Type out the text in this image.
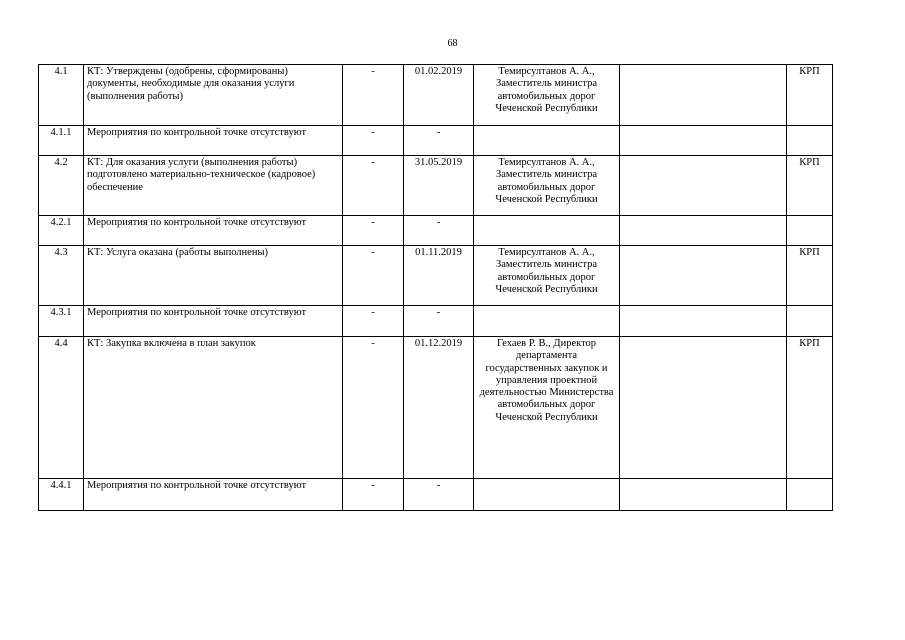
68
4.1	КТ: Утверждены (одобрены, сформированы) документы, необходимые для оказания услуги (выполнения работы)	-	01.02.2019	Темирсултанов А. А., Заместитель министра автомобильных дорог Чеченской Республики		КРП
4.1.1	Мероприятия по контрольной точке отсутствуют	-	-			
4.2	КТ: Для оказания услуги (выполнения работы) подготовлено материально-техническое (кадровое) обеспечение	-	31.05.2019	Темирсултанов А. А., Заместитель министра автомобильных дорог Чеченской Республики		КРП
4.2.1	Мероприятия по контрольной точке отсутствуют	-	-			
4.3	КТ: Услуга оказана (работы выполнены)	-	01.11.2019	Темирсултанов А. А., Заместитель министра автомобильных дорог Чеченской Республики		КРП
4.3.1	Мероприятия по контрольной точке отсутствуют	-	-			
4.4	КТ: Закупка включена в план закупок	-	01.12.2019	Гехаев Р. В., Директор департамента государственных закупок и управления проектной деятельностью Министерства автомобильных дорог Чеченской Республики		КРП
4.4.1	Мероприятия по контрольной точке отсутствуют	-	-			
